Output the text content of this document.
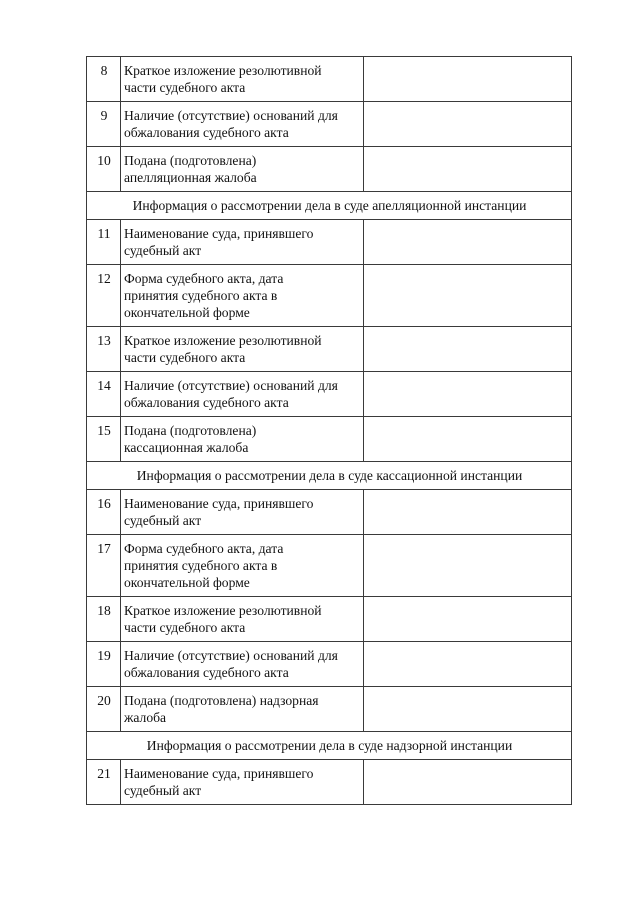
8	Краткое изложение резолютивной
части судебного акта	
9	Наличие (отсутствие) оснований для
обжалования судебного акта	
10	Подана (подготовлена)
апелляционная жалоба	
Информация о рассмотрении дела в суде апелляционной инстанции		
11	Наименование суда, принявшего
судебный акт	
12	Форма судебного акта, дата
принятия судебного акта в
окончательной форме	
13	Краткое изложение резолютивной
части судебного акта	
14	Наличие (отсутствие) оснований для
обжалования судебного акта	
15	Подана (подготовлена)
кассационная жалоба	
Информация о рассмотрении дела в суде кассационной инстанции		
16	Наименование суда, принявшего
судебный акт	
17	Форма судебного акта, дата
принятия судебного акта в
окончательной форме	
18	Краткое изложение резолютивной
части судебного акта	
19	Наличие (отсутствие) оснований для
обжалования судебного акта	
20	Подана (подготовлена) надзорная
жалоба	
Информация о рассмотрении дела в суде надзорной инстанции		
21	Наименование суда, принявшего
судебный акт	
